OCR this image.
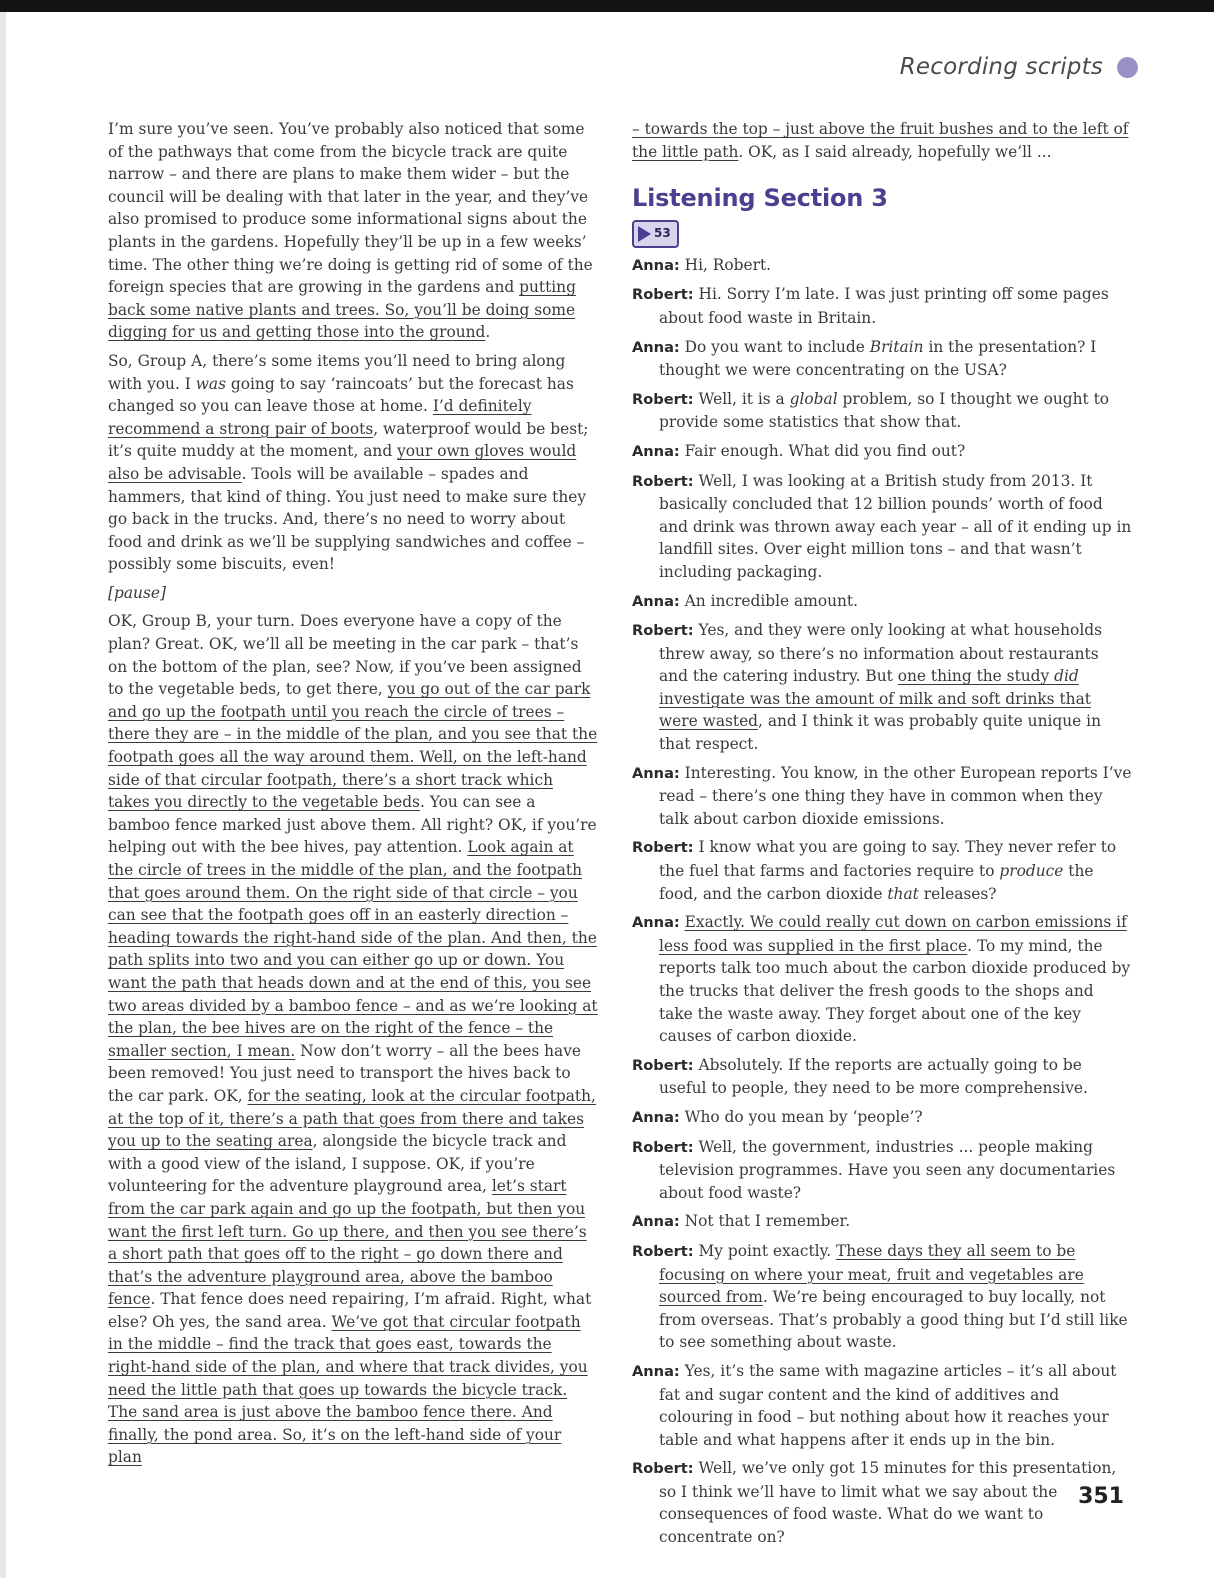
Recording scripts

I’m sure you’ve seen. You’ve probably also noticed that some of the pathways that come from the bicycle track are quite narrow – and there are plans to make them wider – but the council will be dealing with that later in the year, and they’ve also promised to produce some informational signs about the plants in the gardens. Hopefully they’ll be up in a few weeks’ time. The other thing we’re doing is getting rid of some of the foreign species that are growing in the gardens and putting back some native plants and trees. So, you’ll be doing some digging for us and getting those into the ground.

So, Group A, there’s some items you’ll need to bring along with you. I was going to say ‘raincoats’ but the forecast has changed so you can leave those at home. I’d definitely recommend a strong pair of boots, waterproof would be best; it’s quite muddy at the moment, and your own gloves would also be advisable. Tools will be available – spades and hammers, that kind of thing. You just need to make sure they go back in the trucks. And, there’s no need to worry about food and drink as we’ll be supplying sandwiches and coffee – possibly some biscuits, even!

[pause]

OK, Group B, your turn. Does everyone have a copy of the plan? Great. OK, we’ll all be meeting in the car park – that’s on the bottom of the plan, see? Now, if you’ve been assigned to the vegetable beds, to get there, you go out of the car park and go up the footpath until you reach the circle of trees – there they are – in the middle of the plan, and you see that the footpath goes all the way around them. Well, on the left-hand side of that circular footpath, there’s a short track which takes you directly to the vegetable beds. You can see a bamboo fence marked just above them. All right? OK, if you’re helping out with the bee hives, pay attention. Look again at the circle of trees in the middle of the plan, and the footpath that goes around them. On the right side of that circle – you can see that the footpath goes off in an easterly direction – heading towards the right-hand side of the plan. And then, the path splits into two and you can either go up or down. You want the path that heads down and at the end of this, you see two areas divided by a bamboo fence – and as we’re looking at the plan, the bee hives are on the right of the fence – the smaller section, I mean. Now don’t worry – all the bees have been removed! You just need to transport the hives back to the car park. OK, for the seating, look at the circular footpath, at the top of it, there’s a path that goes from there and takes you up to the seating area, alongside the bicycle track and with a good view of the island, I suppose. OK, if you’re volunteering for the adventure playground area, let’s start from the car park again and go up the footpath, but then you want the first left turn. Go up there, and then you see there’s a short path that goes off to the right – go down there and that’s the adventure playground area, above the bamboo fence. That fence does need repairing, I’m afraid. Right, what else? Oh yes, the sand area. We’ve got that circular footpath in the middle – find the track that goes east, towards the right-hand side of the plan, and where that track divides, you need the little path that goes up towards the bicycle track. The sand area is just above the bamboo fence there. And finally, the pond area. So, it’s on the left-hand side of your plan

– towards the top – just above the fruit bushes and to the left of the little path. OK, as I said already, hopefully we’ll ...

Listening Section 3
53

Anna: Hi, Robert.

Robert: Hi. Sorry I’m late. I was just printing off some pages about food waste in Britain.

Anna: Do you want to include Britain in the presentation? I thought we were concentrating on the USA?

Robert: Well, it is a global problem, so I thought we ought to provide some statistics that show that.

Anna: Fair enough. What did you find out?

Robert: Well, I was looking at a British study from 2013. It basically concluded that 12 billion pounds’ worth of food and drink was thrown away each year – all of it ending up in landfill sites. Over eight million tons – and that wasn’t including packaging.

Anna: An incredible amount.

Robert: Yes, and they were only looking at what households threw away, so there’s no information about restaurants and the catering industry. But one thing the study did investigate was the amount of milk and soft drinks that were wasted, and I think it was probably quite unique in that respect.

Anna: Interesting. You know, in the other European reports I’ve read – there’s one thing they have in common when they talk about carbon dioxide emissions.

Robert: I know what you are going to say. They never refer to the fuel that farms and factories require to produce the food, and the carbon dioxide that releases?

Anna: Exactly. We could really cut down on carbon emissions if less food was supplied in the first place. To my mind, the reports talk too much about the carbon dioxide produced by the trucks that deliver the fresh goods to the shops and take the waste away. They forget about one of the key causes of carbon dioxide.

Robert: Absolutely. If the reports are actually going to be useful to people, they need to be more comprehensive.

Anna: Who do you mean by ‘people’?

Robert: Well, the government, industries ... people making television programmes. Have you seen any documentaries about food waste?

Anna: Not that I remember.

Robert: My point exactly. These days they all seem to be focusing on where your meat, fruit and vegetables are sourced from. We’re being encouraged to buy locally, not from overseas. That’s probably a good thing but I’d still like to see something about waste.

Anna: Yes, it’s the same with magazine articles – it’s all about fat and sugar content and the kind of additives and colouring in food – but nothing about how it reaches your table and what happens after it ends up in the bin.

Robert: Well, we’ve only got 15 minutes for this presentation, so I think we’ll have to limit what we say about the consequences of food waste. What do we want to concentrate on?

351
